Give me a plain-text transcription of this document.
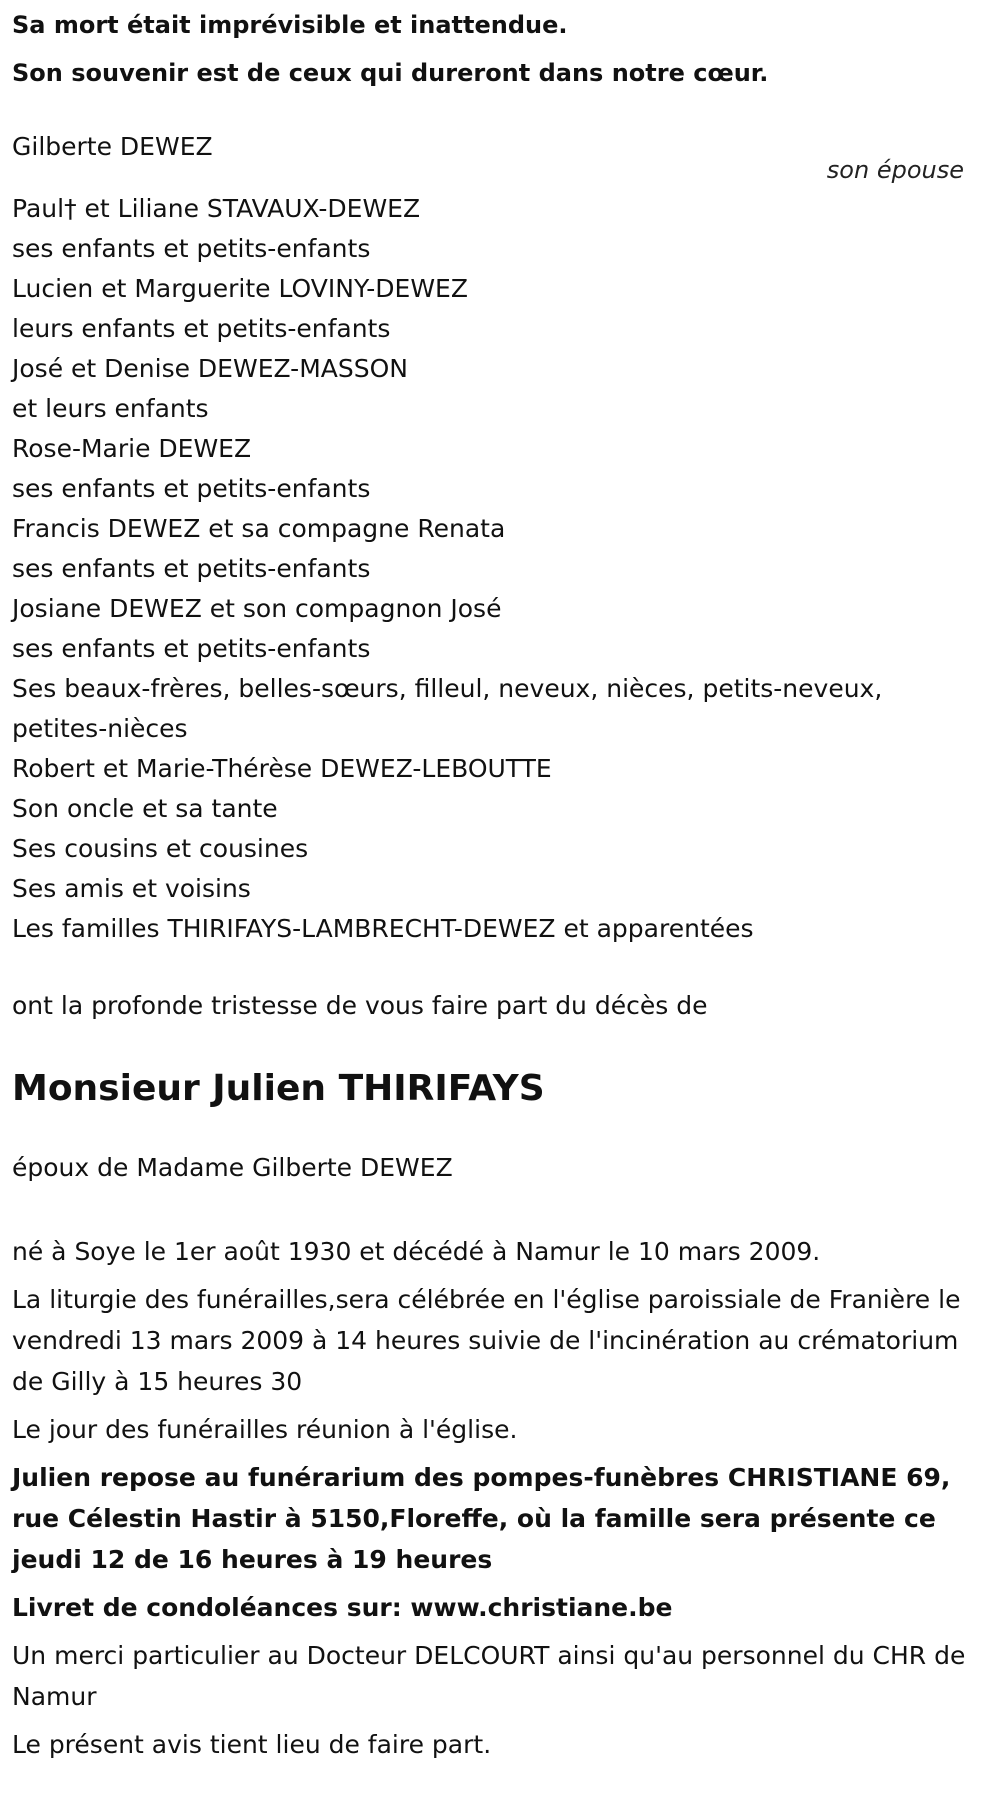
Sa mort était imprévisible et inattendue.

Son souvenir est de ceux qui dureront dans notre cœur.

Gilberte DEWEZ

son épouse

Paul† et Liliane STAVAUX-DEWEZ

ses enfants et petits-enfants

Lucien et Marguerite LOVINY-DEWEZ

leurs enfants et petits-enfants

José et Denise DEWEZ-MASSON

et leurs enfants

Rose-Marie DEWEZ

ses enfants et petits-enfants

Francis DEWEZ et sa compagne Renata

ses enfants et petits-enfants

Josiane DEWEZ et son compagnon José

ses enfants et petits-enfants

Ses beaux-frères, belles-sœurs, filleul, neveux, nièces, petits-neveux,

petites-nièces

Robert et Marie-Thérèse DEWEZ-LEBOUTTE

Son oncle et sa tante

Ses cousins et cousines

Ses amis et voisins

Les familles THIRIFAYS-LAMBRECHT-DEWEZ et apparentées

ont la profonde tristesse de vous faire part du décès de

Monsieur Julien THIRIFAYS

époux de Madame Gilberte DEWEZ

né à Soye le 1er août 1930 et décédé à Namur le 10 mars 2009.

La liturgie des funérailles,sera célébrée en l'église paroissiale de Franière le vendredi 13 mars 2009 à 14 heures suivie de l'incinération au crématorium de Gilly à 15 heures 30

Le jour des funérailles réunion à l'église.

Julien repose au funérarium des pompes-funèbres CHRISTIANE 69, rue Célestin Hastir à 5150,Floreffe, où la famille sera présente ce jeudi 12 de 16 heures à 19 heures

Livret de condoléances sur: www.christiane.be

Un merci particulier au Docteur DELCOURT ainsi qu'au personnel du CHR de Namur

Le présent avis tient lieu de faire part.
